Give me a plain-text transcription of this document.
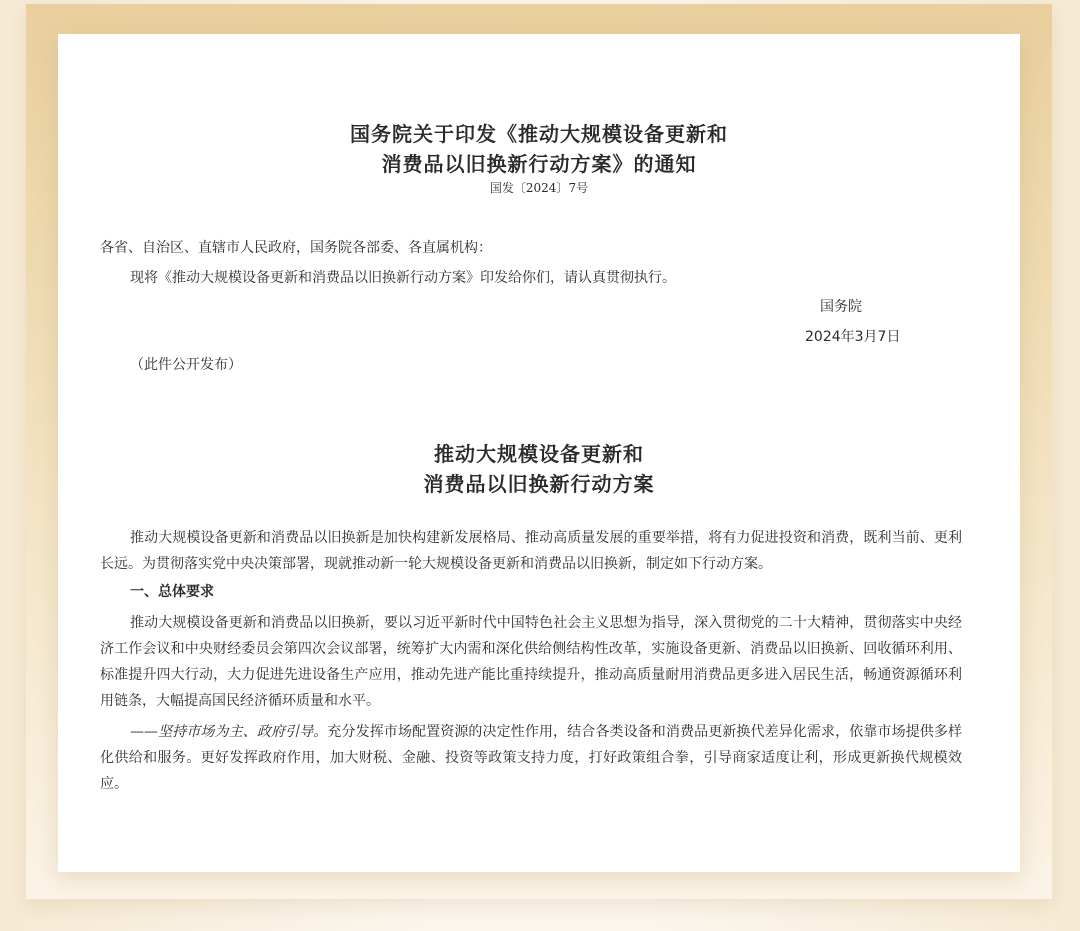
国务院关于印发《推动大规模设备更新和
消费品以旧换新行动方案》的通知
国发〔2024〕7号
各省、自治区、直辖市人民政府，国务院各部委、各直属机构：
现将《推动大规模设备更新和消费品以旧换新行动方案》印发给你们，请认真贯彻执行。
国务院
2024年3月7日
（此件公开发布）
推动大规模设备更新和
消费品以旧换新行动方案

推动大规模设备更新和消费品以旧换新是加快构建新发展格局、推动高质量发展的重要举措，将有力促进投资和消费，既利当前、更利长远。为贯彻落实党中央决策部署，现就推动新一轮大规模设备更新和消费品以旧换新，制定如下行动方案。

一、总体要求

推动大规模设备更新和消费品以旧换新，要以习近平新时代中国特色社会主义思想为指导，深入贯彻党的二十大精神，贯彻落实中央经济工作会议和中央财经委员会第四次会议部署，统筹扩大内需和深化供给侧结构性改革，实施设备更新、消费品以旧换新、回收循环利用、标准提升四大行动，大力促进先进设备生产应用，推动先进产能比重持续提升，推动高质量耐用消费品更多进入居民生活，畅通资源循环利用链条，大幅提高国民经济循环质量和水平。

——坚持市场为主、政府引导。充分发挥市场配置资源的决定性作用，结合各类设备和消费品更新换代差异化需求，依靠市场提供多样化供给和服务。更好发挥政府作用，加大财税、金融、投资等政策支持力度，打好政策组合拳，引导商家适度让利，形成更新换代规模效应。
